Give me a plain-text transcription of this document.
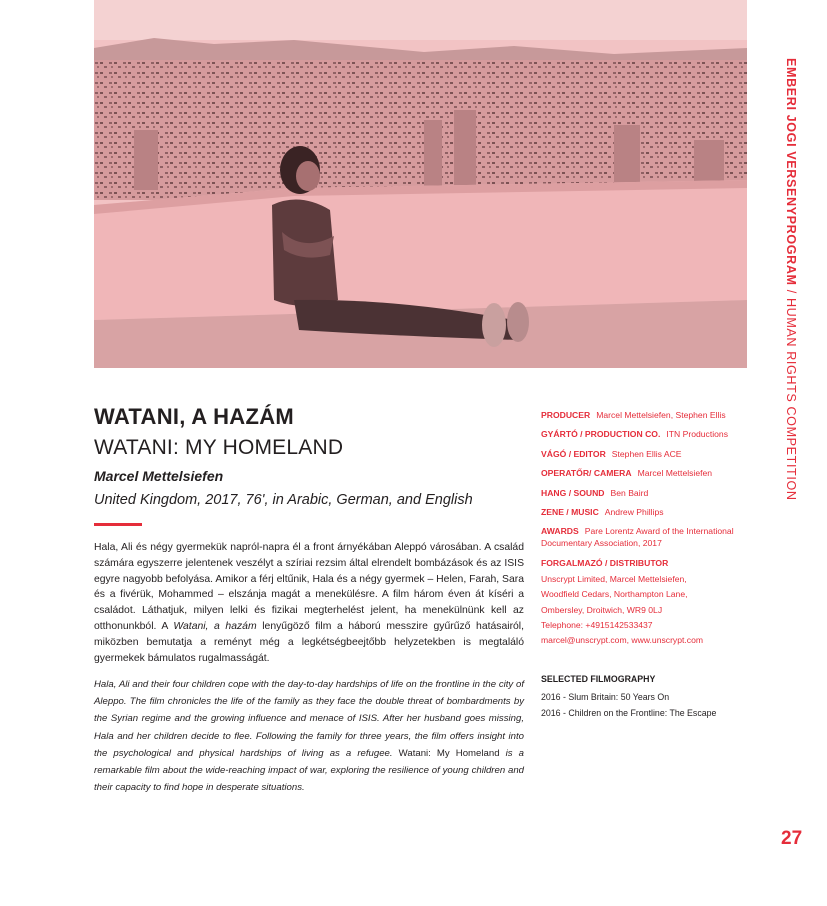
WATANI, A HAZÁM
WATANI: MY HOMELAND
Marcel Mettelsiefen
United Kingdom, 2017, 76', in Arabic, German, and English

Hala, Ali és négy gyermekük napról-napra él a front árnyékában Aleppó városában. A család számára egyszerre jelentenek veszélyt a szíriai rezsim által elrendelt bombázások és az ISIS egyre nagyobb befolyása. Amikor a férj eltűnik, Hala és a négy gyermek – Helen, Farah, Sara és a fivérük, Mohammed – elszánja magát a menekülésre. A film három éven át kíséri a családot. Láthatjuk, milyen lelki és fizikai megterhelést jelent, ha menekülnünk kell az otthonunkból. A Watani, a hazám lenyűgöző film a háború messzire gyűrűző hatásairól, miközben bemutatja a reményt még a legkétségbeejtőbb helyzetekben is megtaláló gyermekek bámulatos rugalmasságát.

Hala, Ali and their four children cope with the day-to-day hardships of life on the frontline in the city of Aleppo. The film chronicles the life of the family as they face the double threat of bombardments by the Syrian regime and the growing influence and menace of ISIS. After her husband goes missing, Hala and her children decide to flee. Following the family for three years, the film offers insight into the psychological and physical hardships of living as a refugee. Watani: My Homeland is a remarkable film about the wide-reaching impact of war, exploring the resilience of young children and their capacity to find hope in desperate situations.

PRODUCER Marcel Mettelsiefen, Stephen Ellis

GYÁRTÓ / PRODUCTION CO. ITN Productions

VÁGÓ / EDITOR Stephen Ellis ACE

OPERATŐR/ CAMERA Marcel Mettelsiefen

HANG / SOUND Ben Baird

ZENE / MUSIC Andrew Phillips

AWARDS Pare Lorentz Award of the International Documentary Association, 2017

FORGALMAZÓ / DISTRIBUTOR
Unscrypt Limited, Marcel Mettelsiefen,
Woodfield Cedars, Northampton Lane,
Ombersley, Droitwich, WR9 0LJ
Telephone: +4915142533437
marcel@unscrypt.com, www.unscrypt.com
SELECTED FILMOGRAPHY
2016 - Slum Britain: 50 Years On
2016 - Children on the Frontline: The Escape
EMBERI JOGI VERSENYPROGRAM / HUMAN RIGHTS COMPETITION
27
